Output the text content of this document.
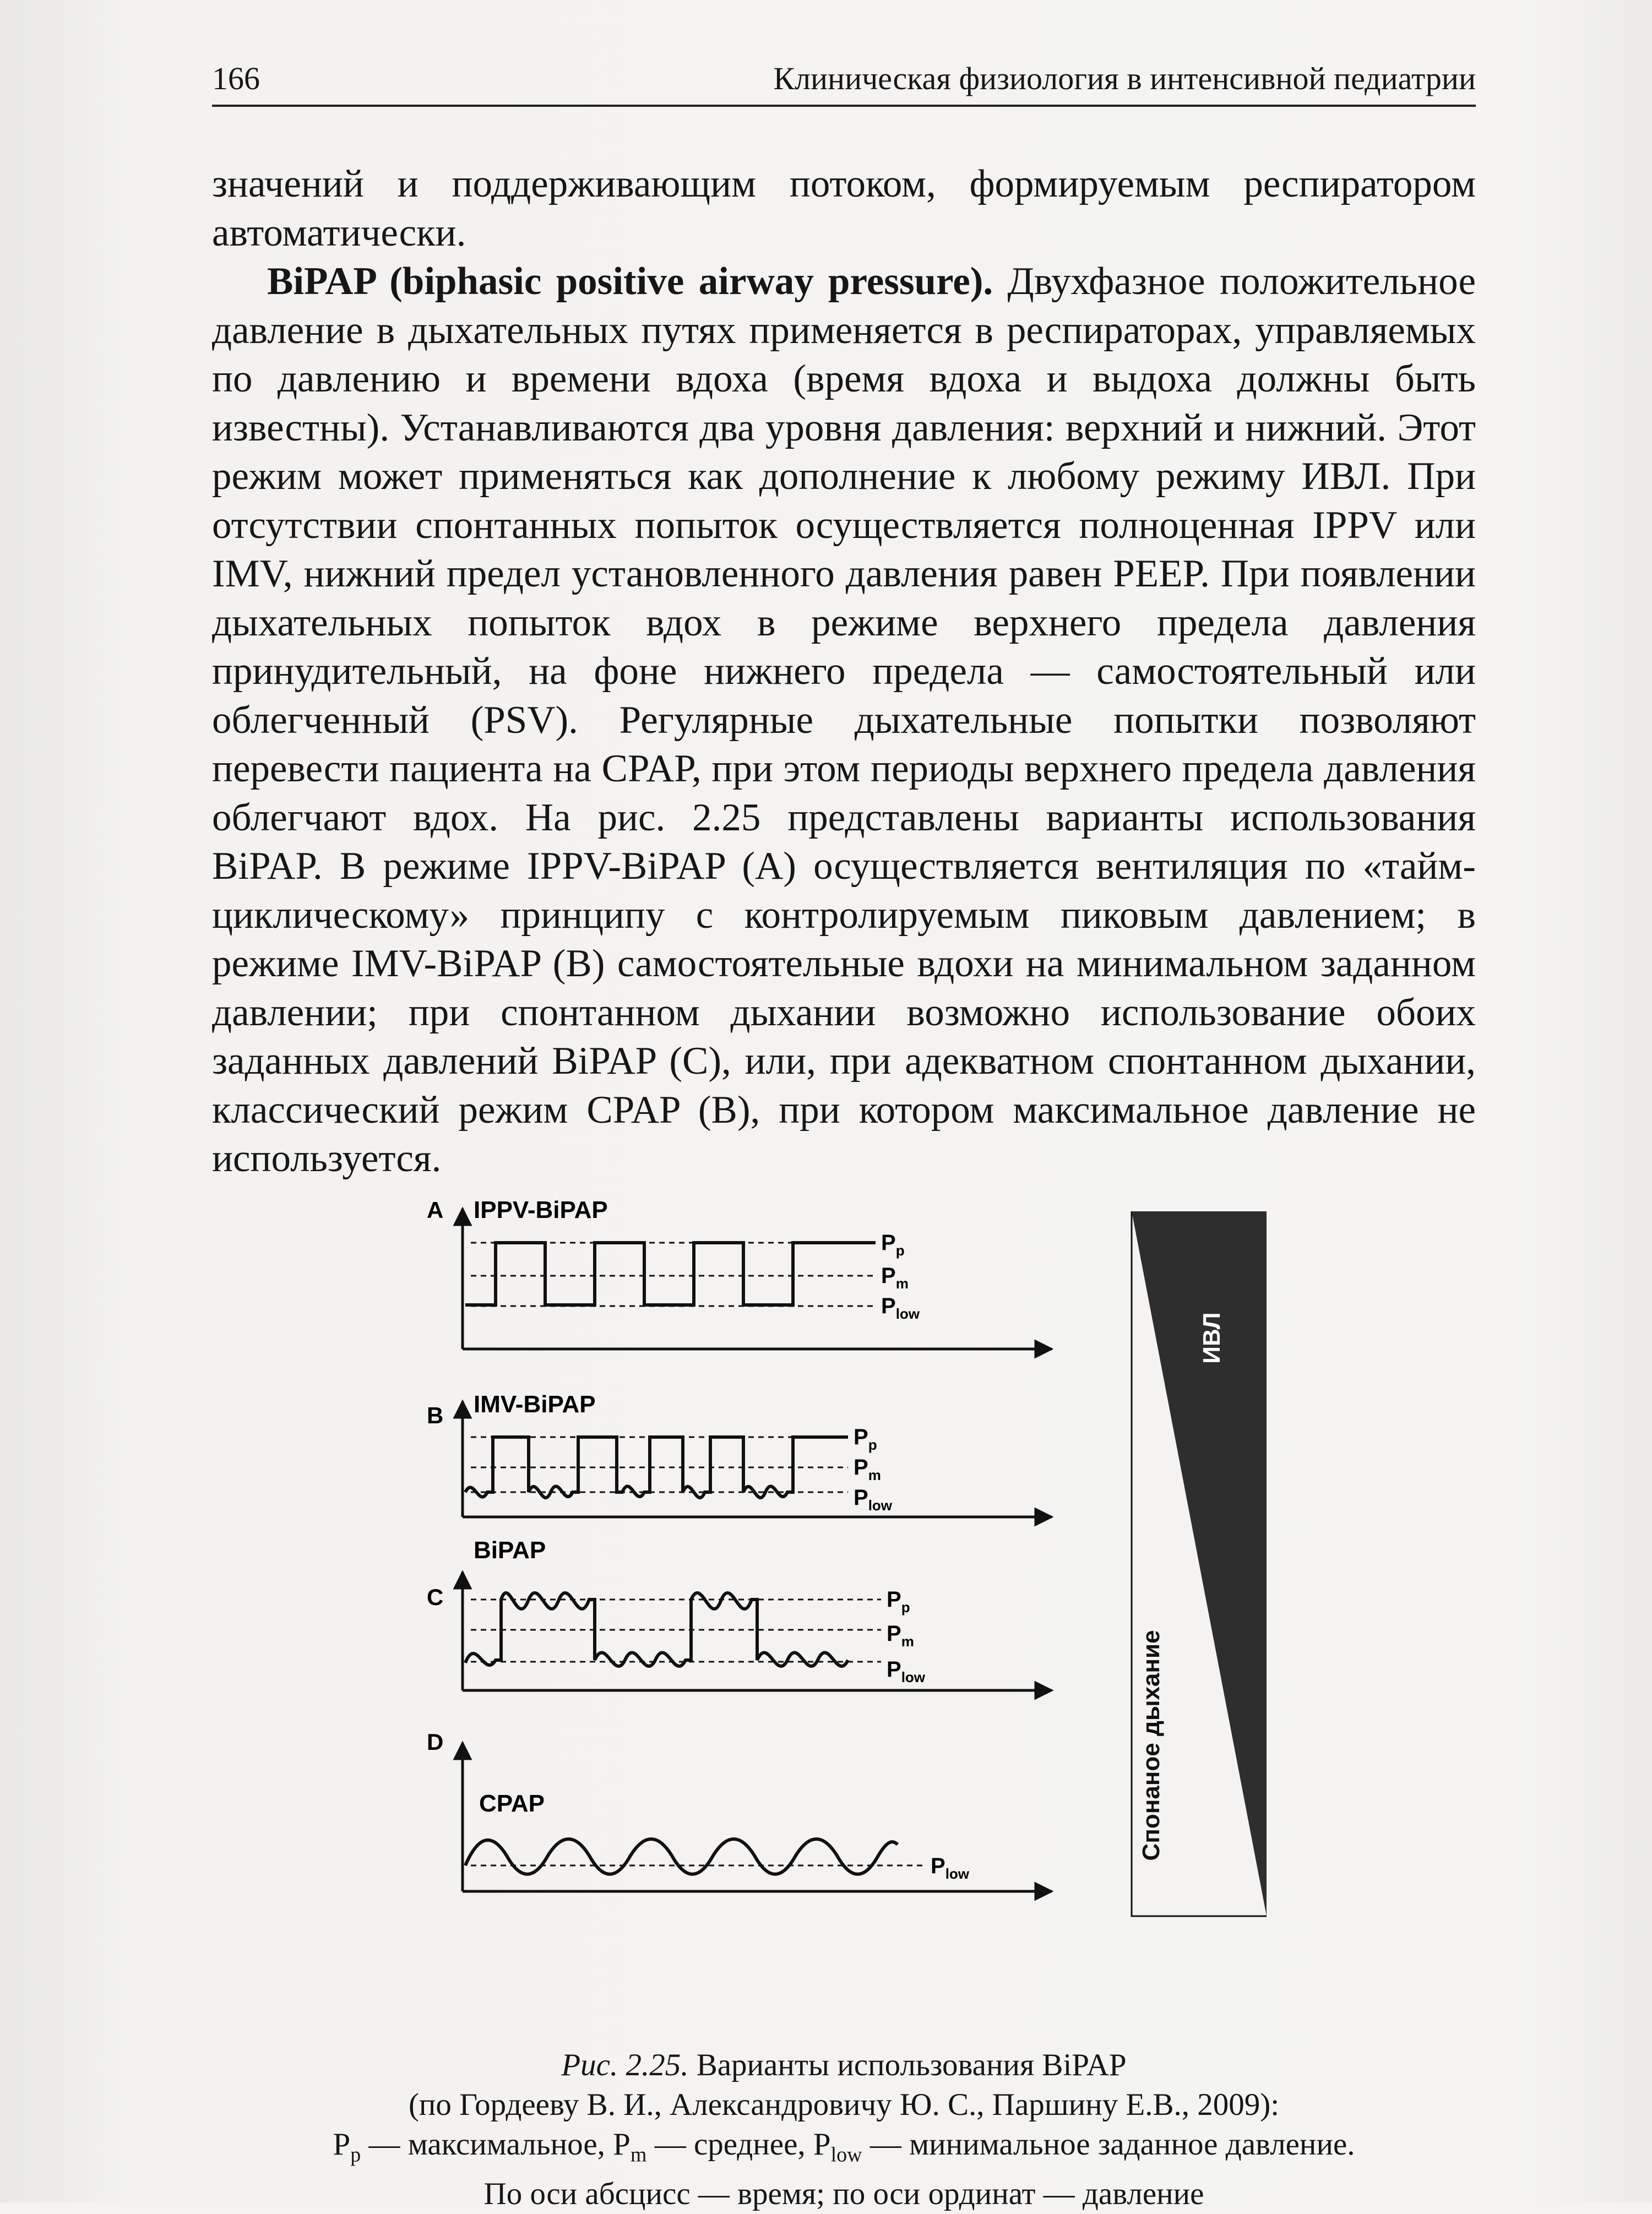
166	Клиническая физиология в интенсивной педиатрии

значений и поддерживающим потоком, формируемым респиратором автоматически.

BiPAP (biphasic positive airway pressure). Двухфазное положительное давление в дыхательных путях применяется в респираторах, управляемых по давлению и времени вдоха (время вдоха и выдоха должны быть известны). Устанавливаются два уровня давления: верхний и нижний. Этот режим может применяться как дополнение к любому режиму ИВЛ. При отсутствии спонтанных попыток осуществляется полноценная IPPV или IMV, нижний предел установленного давления равен PEEP. При появлении дыхательных попыток вдох в режиме верхнего предела давления принудительный, на фоне нижнего предела — самостоятельный или облегченный (PSV). Регулярные дыхательные попытки позволяют перевести пациента на CPAP, при этом периоды верхнего предела давления облегчают вдох. На рис. 2.25 представлены варианты использования BiPAP. В режиме IPPV-BiPAP (A) осуществляется вентиляция по «тайм-циклическому» принципу с контролируемым пиковым давлением; в режиме IMV-BiPAP (B) самостоятельные вдохи на минимальном заданном давлении; при спонтанном дыхании возможно использование обоих заданных давлений BiPAP (C), или, при адекватном спонтанном дыхании, классический режим CPAP (B), при котором максимальное давление не используется.

A IPPV-BiPAP
$P_p$
$P_m$
$P_{low}$
B IMV-BiPAP
$P_p$
$P_m$
$P_{low}$
C
BiPAP
$P_p$
$P_m$
$P_{low}$
D
CPAP
$P_{low}$
ИВЛ
Спонаное дыхание
Рис. 2.25. Варианты использования BiPAP
(по Гордееву В. И., Александровичу Ю. С., Паршину Е.В., 2009):
$P_p$ — максимальное, $P_m$ — среднее, $P_{low}$ — минимальное заданное давление.
По оси абсцисс — время; по оси ординат — давление
